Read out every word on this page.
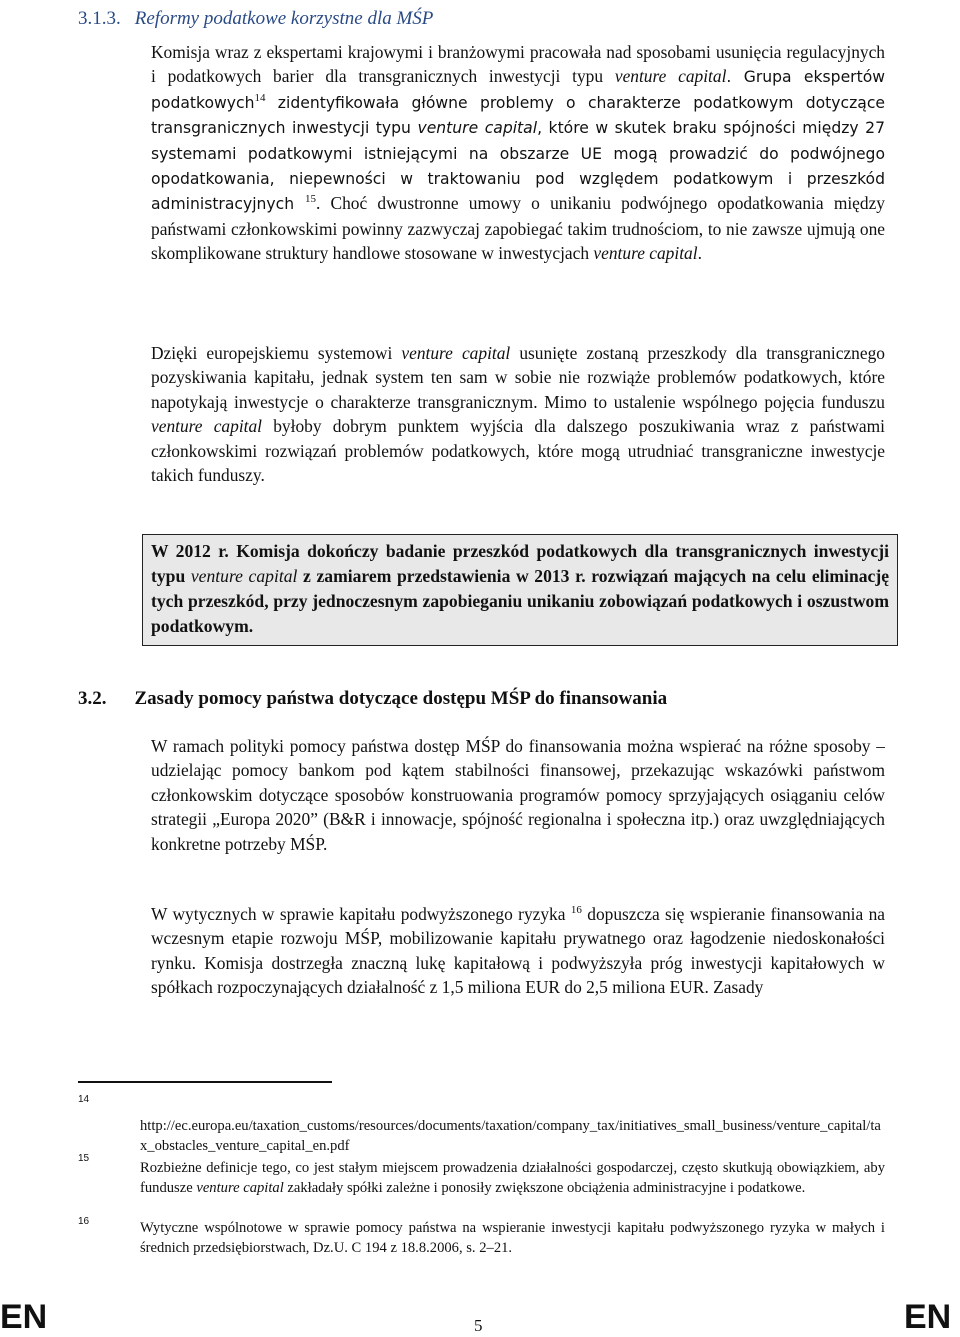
3.1.3. Reformy podatkowe korzystne dla MŚP
Komisja wraz z ekspertami krajowymi i branżowymi pracowała nad sposobami usunięcia regulacyjnych i podatkowych barier dla transgranicznych inwestycji typu venture capital. Grupa ekspertów podatkowych$^{14}$ zidentyfikowała główne problemy o charakterze podatkowym dotyczące transgranicznych inwestycji typu venture capital, które w skutek braku spójności między 27 systemami podatkowymi istniejącymi na obszarze UE mogą prowadzić do podwójnego opodatkowania, niepewności w traktowaniu pod względem podatkowym i przeszkód administracyjnych $^{15}$. Choć dwustronne umowy o unikaniu podwójnego opodatkowania między państwami członkowskimi powinny zazwyczaj zapobiegać takim trudnościom, to nie zawsze ujmują one skomplikowane struktury handlowe stosowane w inwestycjach venture capital.
Dzięki europejskiemu systemowi venture capital usunięte zostaną przeszkody dla transgranicznego pozyskiwania kapitału, jednak system ten sam w sobie nie rozwiąże problemów podatkowych, które napotykają inwestycje o charakterze transgranicznym. Mimo to ustalenie wspólnego pojęcia funduszu venture capital byłoby dobrym punktem wyjścia dla dalszego poszukiwania wraz z państwami członkowskimi rozwiązań problemów podatkowych, które mogą utrudniać transgraniczne inwestycje takich funduszy.
W 2012 r. Komisja dokończy badanie przeszkód podatkowych dla transgranicznych inwestycji typu venture capital z zamiarem przedstawienia w 2013 r. rozwiązań mających na celu eliminację tych przeszkód, przy jednoczesnym zapobieganiu unikaniu zobowiązań podatkowych i oszustwom podatkowym.
3.2. Zasady pomocy państwa dotyczące dostępu MŚP do finansowania
W ramach polityki pomocy państwa dostęp MŚP do finansowania można wspierać na różne sposoby – udzielając pomocy bankom pod kątem stabilności finansowej, przekazując wskazówki państwom członkowskim dotyczące sposobów konstruowania programów pomocy sprzyjających osiąganiu celów strategii „Europa 2020” (B&R i innowacje, spójność regionalna i społeczna itp.) oraz uwzględniających konkretne potrzeby MŚP.
W wytycznych w sprawie kapitału podwyższonego ryzyka $^{16}$ dopuszcza się wspieranie finansowania na wczesnym etapie rozwoju MŚP, mobilizowanie kapitału prywatnego oraz łagodzenie niedoskonałości rynku. Komisja dostrzegła znaczną lukę kapitałową i podwyższyła próg inwestycji kapitałowych w spółkach rozpoczynających działalność z 1,5 miliona EUR do 2,5 miliona EUR. Zasady
14
http://ec.europa.eu/taxation_customs/resources/documents/taxation/company_tax/initiatives_small_business/venture_capital/tax_obstacles_venture_capital_en.pdf
15
Rozbieżne definicje tego, co jest stałym miejscem prowadzenia działalności gospodarczej, często skutkują obowiązkiem, aby fundusze venture capital zakładały spółki zależne i ponosiły zwiększone obciążenia administracyjne i podatkowe.
16	Wytyczne wspólnotowe w sprawie pomocy państwa na wspieranie inwestycji kapitału podwyższonego ryzyka w małych i średnich przedsiębiorstwach, Dz.U. C 194 z 18.8.2006, s. 2–21.
EN	5	EN
